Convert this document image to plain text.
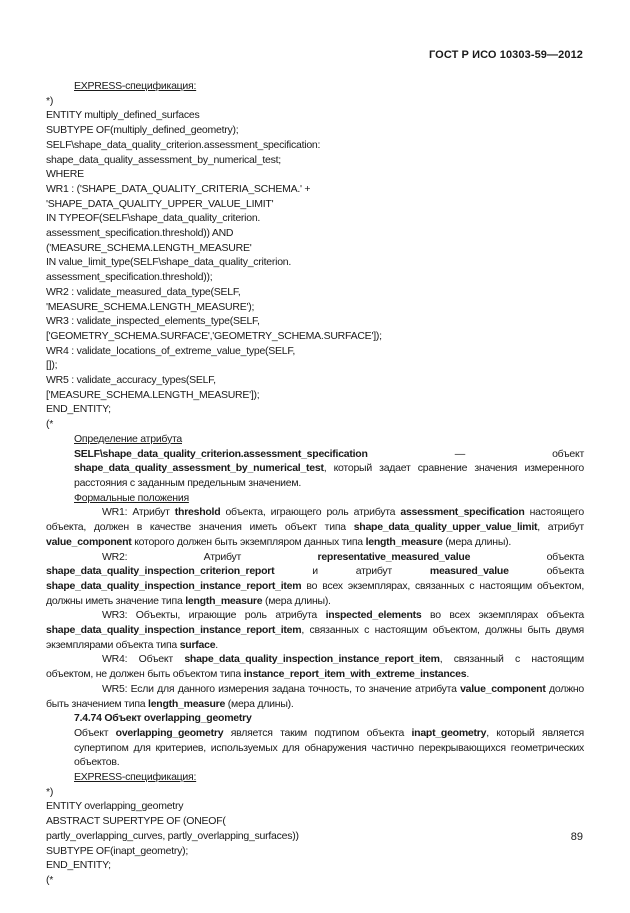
ГОСТ Р ИСО 10303-59—2012
EXPRESS-спецификация:
*)
ENTITY multiply_defined_surfaces
SUBTYPE OF(multiply_defined_geometry);
SELF\shape_data_quality_criterion.assessment_specification:
shape_data_quality_assessment_by_numerical_test;
WHERE
WR1 : ('SHAPE_DATA_QUALITY_CRITERIA_SCHEMA.' +
'SHAPE_DATA_QUALITY_UPPER_VALUE_LIMIT'
IN TYPEOF(SELF\shape_data_quality_criterion.
assessment_specification.threshold)) AND
('MEASURE_SCHEMA.LENGTH_MEASURE'
IN value_limit_type(SELF\shape_data_quality_criterion.
assessment_specification.threshold));
WR2 : validate_measured_data_type(SELF,
'MEASURE_SCHEMA.LENGTH_MEASURE');
WR3 : validate_inspected_elements_type(SELF,
['GEOMETRY_SCHEMA.SURFACE','GEOMETRY_SCHEMA.SURFACE']);
WR4 : validate_locations_of_extreme_value_type(SELF,
[]);
WR5 : validate_accuracy_types(SELF,
['MEASURE_SCHEMA.LENGTH_MEASURE']);
END_ENTITY;
(*
Определение атрибута

SELF\shape_data_quality_criterion.assessment_specification — объект shape_data_quality_assessment_by_numerical_test, который задает сравнение значения измеренного расстояния с заданным предельным значением.

Формальные положения

WR1: Атрибут threshold объекта, играющего роль атрибута assessment_specification настоящего объекта, должен в качестве значения иметь объект типа shape_data_quality_upper_value_limit, атрибут value_component которого должен быть экземпляром данных типа length_measure (мера длины).

WR2: Атрибут representative_measured_value объекта shape_data_quality_inspection_criterion_report и атрибут measured_value объекта shape_data_quality_inspection_instance_report_item во всех экземплярах, связанных с настоящим объектом, должны иметь значение типа length_measure (мера длины).

WR3: Объекты, играющие роль атрибута inspected_elements во всех экземплярах объекта shape_data_quality_inspection_instance_report_item, связанных с настоящим объектом, должны быть двумя экземплярами объекта типа surface.

WR4: Объект shape_data_quality_inspection_instance_report_item, связанный с настоящим объектом, не должен быть объектом типа instance_report_item_with_extreme_instances.

WR5: Если для данного измерения задана точность, то значение атрибута value_component должно быть значением типа length_measure (мера длины).

7.4.74 Объект overlapping_geometry

Объект overlapping_geometry является таким подтипом объекта inapt_geometry, который является супертипом для критериев, используемых для обнаружения частично перекрывающихся геометрических объектов.

EXPRESS-спецификация:
*)
ENTITY overlapping_geometry
ABSTRACT SUPERTYPE OF (ONEOF(
partly_overlapping_curves, partly_overlapping_surfaces))
SUBTYPE OF(inapt_geometry);
END_ENTITY;
(*
89
